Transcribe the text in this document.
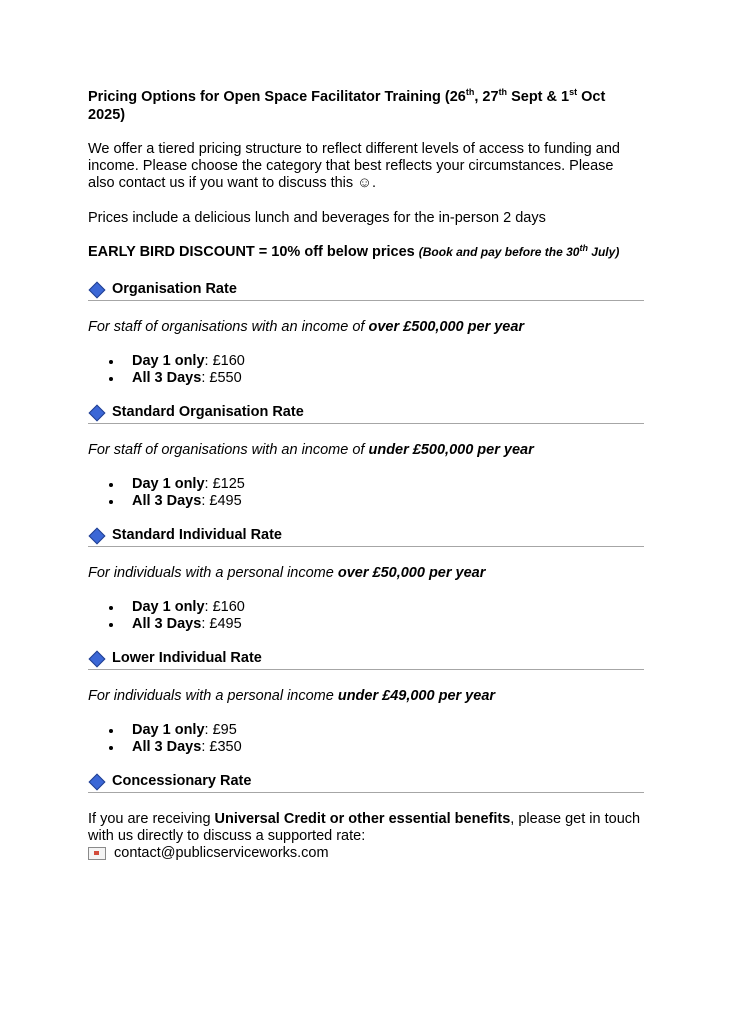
Pricing Options for Open Space Facilitator Training (26th, 27th Sept & 1st Oct 2025)

We offer a tiered pricing structure to reflect different levels of access to funding and income. Please choose the category that best reflects your circumstances. Please also contact us if you want to discuss this ☺.

Prices include a delicious lunch and beverages for the in-person 2 days

EARLY BIRD DISCOUNT = 10% off below prices (Book and pay before the 30th July)

Organisation Rate

For staff of organisations with an income of over £500,000 per year

Day 1 only: £160
All 3 Days: £550
Standard Organisation Rate

For staff of organisations with an income of under £500,000 per year

Day 1 only: £125
All 3 Days: £495
Standard Individual Rate

For individuals with a personal income over £50,000 per year

Day 1 only: £160
All 3 Days: £495
Lower Individual Rate

For individuals with a personal income under £49,000 per year

Day 1 only: £95
All 3 Days: £350
Concessionary Rate

If you are receiving Universal Credit or other essential benefits, please get in touch with us directly to discuss a supported rate:

contact@publicserviceworks.com
